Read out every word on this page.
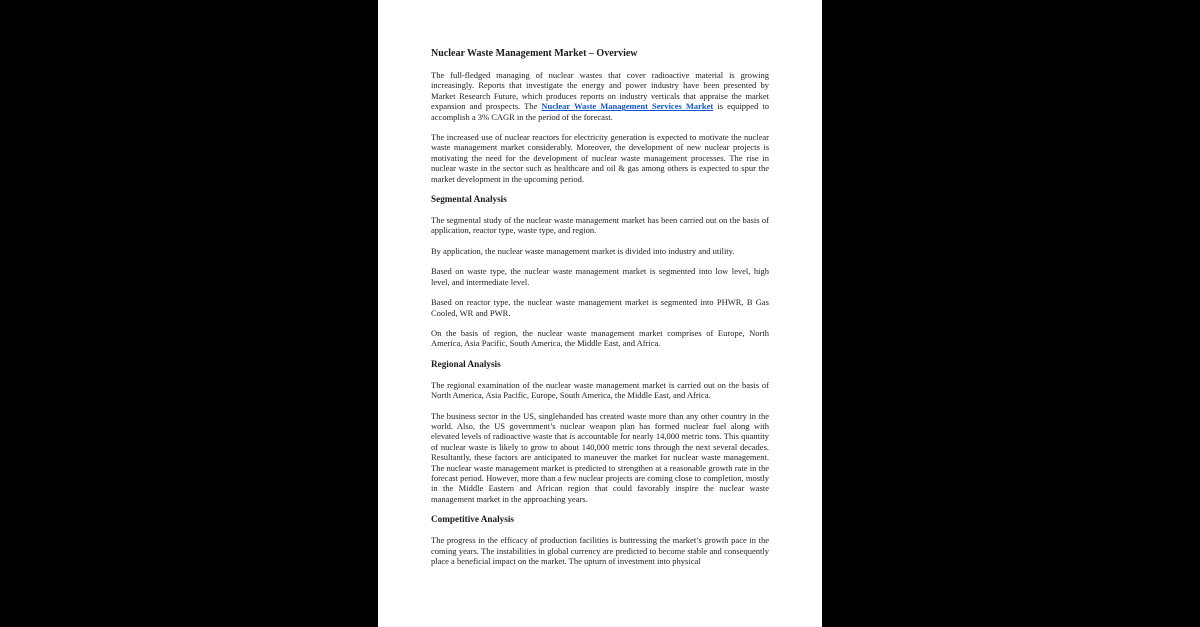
Nuclear Waste Management Market – Overview

The full-fledged managing of nuclear wastes that cover radioactive material is growing increasingly. Reports that investigate the energy and power industry have been presented by Market Research Future, which produces reports on industry verticals that appraise the market expansion and prospects. The Nuclear Waste Management Services Market is equipped to accomplish a 3% CAGR in the period of the forecast.

The increased use of nuclear reactors for electricity generation is expected to motivate the nuclear waste management market considerably. Moreover, the development of new nuclear projects is motivating the need for the development of nuclear waste management processes. The rise in nuclear waste in the sector such as healthcare and oil & gas among others is expected to spur the market development in the upcoming period.

Segmental Analysis

The segmental study of the nuclear waste management market has been carried out on the basis of application, reactor type, waste type, and region.

By application, the nuclear waste management market is divided into industry and utility.

Based on waste type, the nuclear waste management market is segmented into low level, high level, and intermediate level.

Based on reactor type, the nuclear waste management market is segmented into PHWR, B Gas Cooled, WR and PWR.

On the basis of region, the nuclear waste management market comprises of Europe, North America, Asia Pacific, South America, the Middle East, and Africa.

Regional Analysis

The regional examination of the nuclear waste management market is carried out on the basis of North America, Asia Pacific, Europe, South America, the Middle East, and Africa.

The business sector in the US, singlehanded has created waste more than any other country in the world. Also, the US government’s nuclear weapon plan has formed nuclear fuel along with elevated levels of radioactive waste that is accountable for nearly 14,000 metric tons. This quantity of nuclear waste is likely to grow to about 140,000 metric tons through the next several decades. Resultantly, these factors are anticipated to maneuver the market for nuclear waste management. The nuclear waste management market is predicted to strengthen at a reasonable growth rate in the forecast period. However, more than a few nuclear projects are coming close to completion, mostly in the Middle Eastern and African region that could favorably inspire the nuclear waste management market in the approaching years.

Competitive Analysis

The progress in the efficacy of production facilities is buttressing the market’s growth pace in the coming years. The instabilities in global currency are predicted to become stable and consequently place a beneficial impact on the market. The upturn of investment into physical
